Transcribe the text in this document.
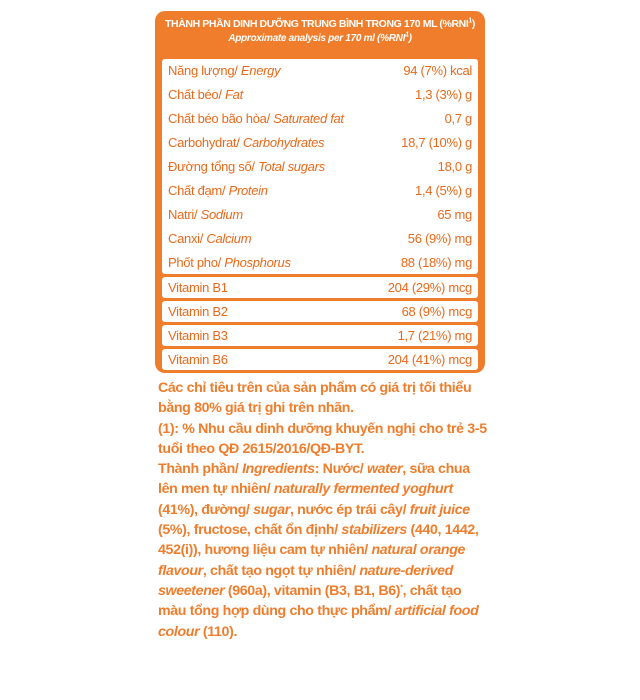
THÀNH PHẦN DINH DƯỠNG TRUNG BÌNH TRONG 170 ML (%RNI$^1$)
Approximate analysis per 170 ml (%RNI$^1$)
Năng lượng/ Energy	94 (7%) kcal
Chất béo/ Fat	1,3 (3%) g
Chất béo bão hòa/ Saturated fat	0,7 g
Carbohydrat/ Carbohydrates	18,7 (10%) g
Đường tổng số/ Total sugars	18,0 g
Chất đạm/ Protein	1,4 (5%) g
Natri/ Sodium	65 mg
Canxi/ Calcium	56 (9%) mg
Phốt pho/ Phosphorus	88 (18%) mg
Vitamin B1	204 (29%) mcg
Vitamin B2	68 (9%) mcg
Vitamin B3	1,7 (21%) mg
Vitamin B6	204 (41%) mcg

Các chỉ tiêu trên của sản phẩm có giá trị tối thiểu bằng 80% giá trị ghi trên nhãn.

(1): % Nhu cầu dinh dưỡng khuyến nghị cho trẻ 3-5 tuổi theo QĐ 2615/2016/QĐ-BYT.

Thành phần/ Ingredients: Nước/ water, sữa chua lên men tự nhiên/ naturally fermented yoghurt (41%), đường/ sugar, nước ép trái cây/ fruit juice (5%), fructose, chất ổn định/ stabilizers (440, 1442, 452(i)), hương liệu cam tự nhiên/ natural orange flavour, chất tạo ngọt tự nhiên/ nature-derived sweetener (960a), vitamin (B3, B1, B6)*, chất tạo màu tổng hợp dùng cho thực phẩm/ artificial food colour (110).
